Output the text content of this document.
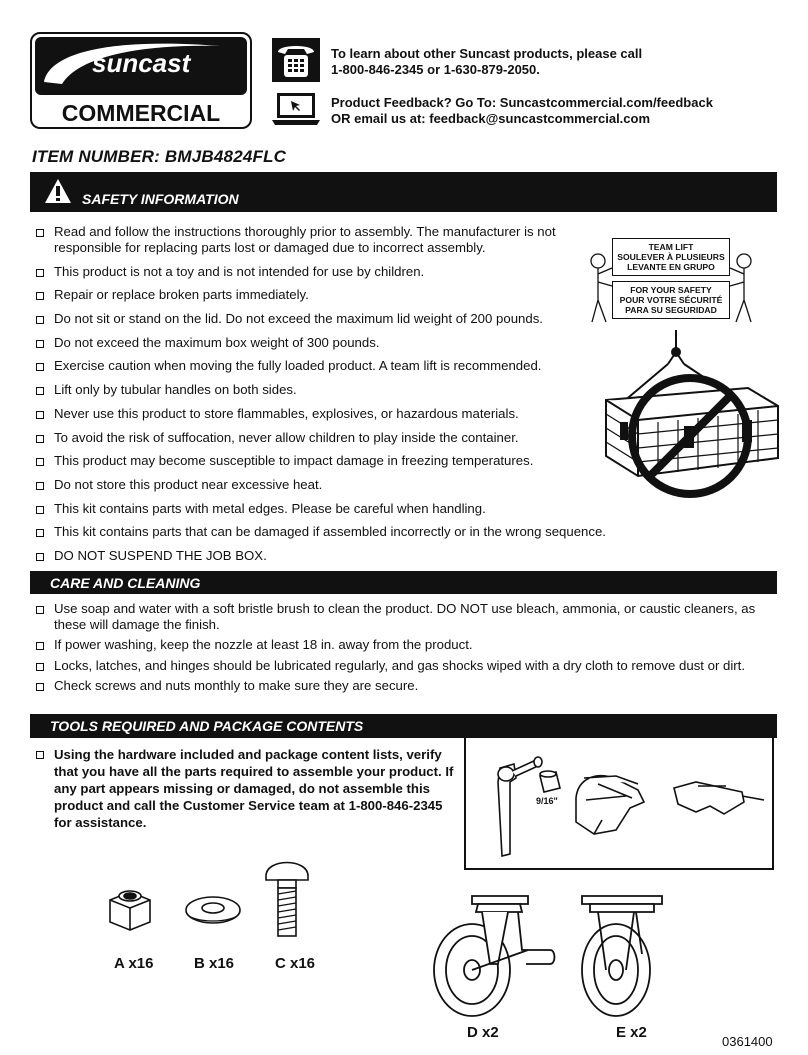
suncast
COMMERCIAL
To learn about other Suncast products, please call
1-800-846-2345 or 1-630-879-2050.
Product Feedback? Go To: Suncastcommercial.com/feedback
OR email us at: feedback@suncastcommercial.com
ITEM NUMBER: BMJB4824FLC
SAFETY INFORMATION
Read and follow the instructions thoroughly prior to assembly. The manufacturer is not responsible for replacing parts lost or damaged due to incorrect assembly.
This product is not a toy and is not intended for use by children.
Repair or replace broken parts immediately.
Do not sit or stand on the lid. Do not exceed the maximum lid weight of 200 pounds.
Do not exceed the maximum box weight of 300 pounds.
Exercise caution when moving the fully loaded product. A team lift is recommended.
Lift only by tubular handles on both sides.
Never use this product to store flammables, explosives, or hazardous materials.
To avoid the risk of suffocation, never allow children to play inside the container.
This product may become susceptible to impact damage in freezing temperatures.
Do not store this product near excessive heat.
This kit contains parts with metal edges. Please be careful when handling.
This kit contains parts that can be damaged if assembled incorrectly or in the wrong sequence.
DO NOT SUSPEND THE JOB BOX.
TEAM LIFT
SOULEVER À PLUSIEURS
LEVANTE EN GRUPO
FOR YOUR SAFETY
POUR VOTRE SÉCURITÉ
PARA SU SEGURIDAD
CARE AND CLEANING
Use soap and water with a soft bristle brush to clean the product. DO NOT use bleach, ammonia, or caustic cleaners, as these will damage the finish.
If power washing, keep the nozzle at least 18 in. away from the product.
Locks, latches, and hinges should be lubricated regularly, and gas shocks wiped with a dry cloth to remove dust or dirt.
Check screws and nuts monthly to make sure they are secure.
TOOLS REQUIRED AND PACKAGE CONTENTS
Using the hardware included and package content lists, verify that you have all the parts required to assemble your product. If any part appears missing or damaged, do not assemble this product and call the Customer Service team at 1-800-846-2345 for assistance.
9/16"
A x16	B x16	C x16
D x2	E x2
0361400
